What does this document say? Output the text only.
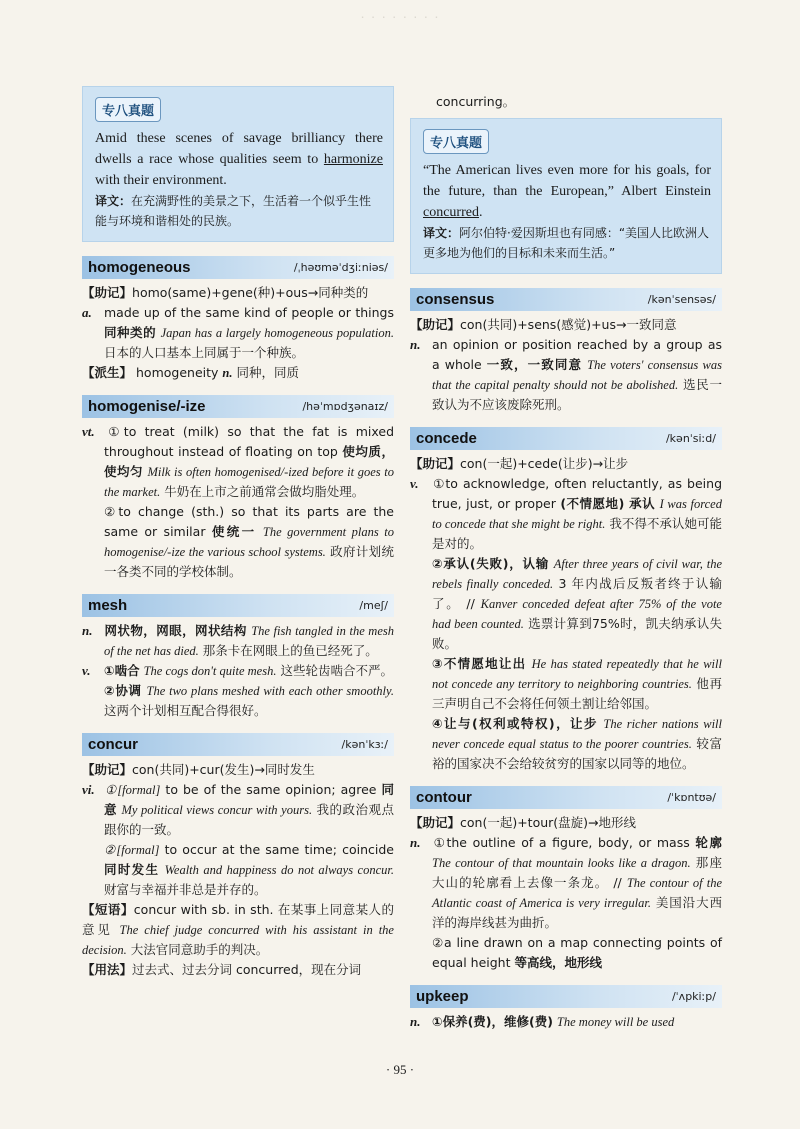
· · · · · · · ·
专八真题
Amid these scenes of savage brilliancy there dwells a race whose qualities seem to harmonize with their environment.
译文：在充满野性的美景之下，生活着一个似乎生性能与环境和谐相处的民族。
homogeneous	/ˌhəʊməˈdʒiːniəs/
【助记】homo(same)+gene(种)+ous→同种类的
a. made up of the same kind of people or things 同种类的 Japan has a largely homogeneous population. 日本的人口基本上同属于一个种族。
【派生】 homogeneity n. 同种，同质
homogenise/-ize	/həˈmɒdʒənaɪz/
vt. ①to treat (milk) so that the fat is mixed throughout instead of floating on top 使均质，使均匀 Milk is often homogenised/-ized before it goes to the market. 牛奶在上市之前通常会做均脂处理。
②to change (sth.) so that its parts are the same or similar 使统一 The government plans to homogenise/-ize the various school systems. 政府计划统一各类不同的学校体制。
mesh	/meʃ/
n. 网状物，网眼，网状结构 The fish tangled in the mesh of the net has died. 那条卡在网眼上的鱼已经死了。
v. ①啮合 The cogs don't quite mesh. 这些轮齿啮合不严。
②协调 The two plans meshed with each other smoothly. 这两个计划相互配合得很好。
concur	/kənˈkɜː/
【助记】con(共同)+cur(发生)→同时发生
vi. ①[formal] to be of the same opinion; agree 同意 My political views concur with yours. 我的政治观点跟你的一致。
②[formal] to occur at the same time; coincide 同时发生 Wealth and happiness do not always concur. 财富与幸福并非总是并存的。
【短语】concur with sb. in sth. 在某事上同意某人的意见 The chief judge concurred with his assistant in the decision. 大法官同意助手的判决。
【用法】过去式、过去分词 concurred，现在分词
concurring。
专八真题
“The American lives even more for his goals, for the future, than the European,” Albert Einstein concurred.
译文：阿尔伯特·爱因斯坦也有同感：“美国人比欧洲人更多地为他们的目标和未来而生活。”
consensus	/kənˈsensəs/
【助记】con(共同)+sens(感觉)+us→一致同意
n. an opinion or position reached by a group as a whole 一致，一致同意 The voters' consensus was that the capital penalty should not be abolished. 选民一致认为不应该废除死刑。
concede	/kənˈsiːd/
【助记】con(一起)+cede(让步)→让步
v. ①to acknowledge, often reluctantly, as being true, just, or proper (不情愿地) 承认 I was forced to concede that she might be right. 我不得不承认她可能是对的。
②承认(失败)，认输 After three years of civil war, the rebels finally conceded. 3 年内战后反叛者终于认输了。 // Kanver conceded defeat after 75% of the vote had been counted. 选票计算到75%时，凯夫纳承认失败。
③不情愿地让出 He has stated repeatedly that he will not concede any territory to neighboring countries. 他再三声明自己不会将任何领土割让给邻国。
④让与(权利或特权)，让步 The richer nations will never concede equal status to the poorer countries. 较富裕的国家决不会给较贫穷的国家以同等的地位。
contour	/ˈkɒntʊə/
【助记】con(一起)+tour(盘旋)→地形线
n. ①the outline of a figure, body, or mass 轮廓 The contour of that mountain looks like a dragon. 那座大山的轮廓看上去像一条龙。 // The contour of the Atlantic coast of America is very irregular. 美国沿大西洋的海岸线甚为曲折。
②a line drawn on a map connecting points of equal height 等高线，地形线
upkeep	/ˈʌpkiːp/
n. ①保养(费)，维修(费) The money will be used
· 95 ·
